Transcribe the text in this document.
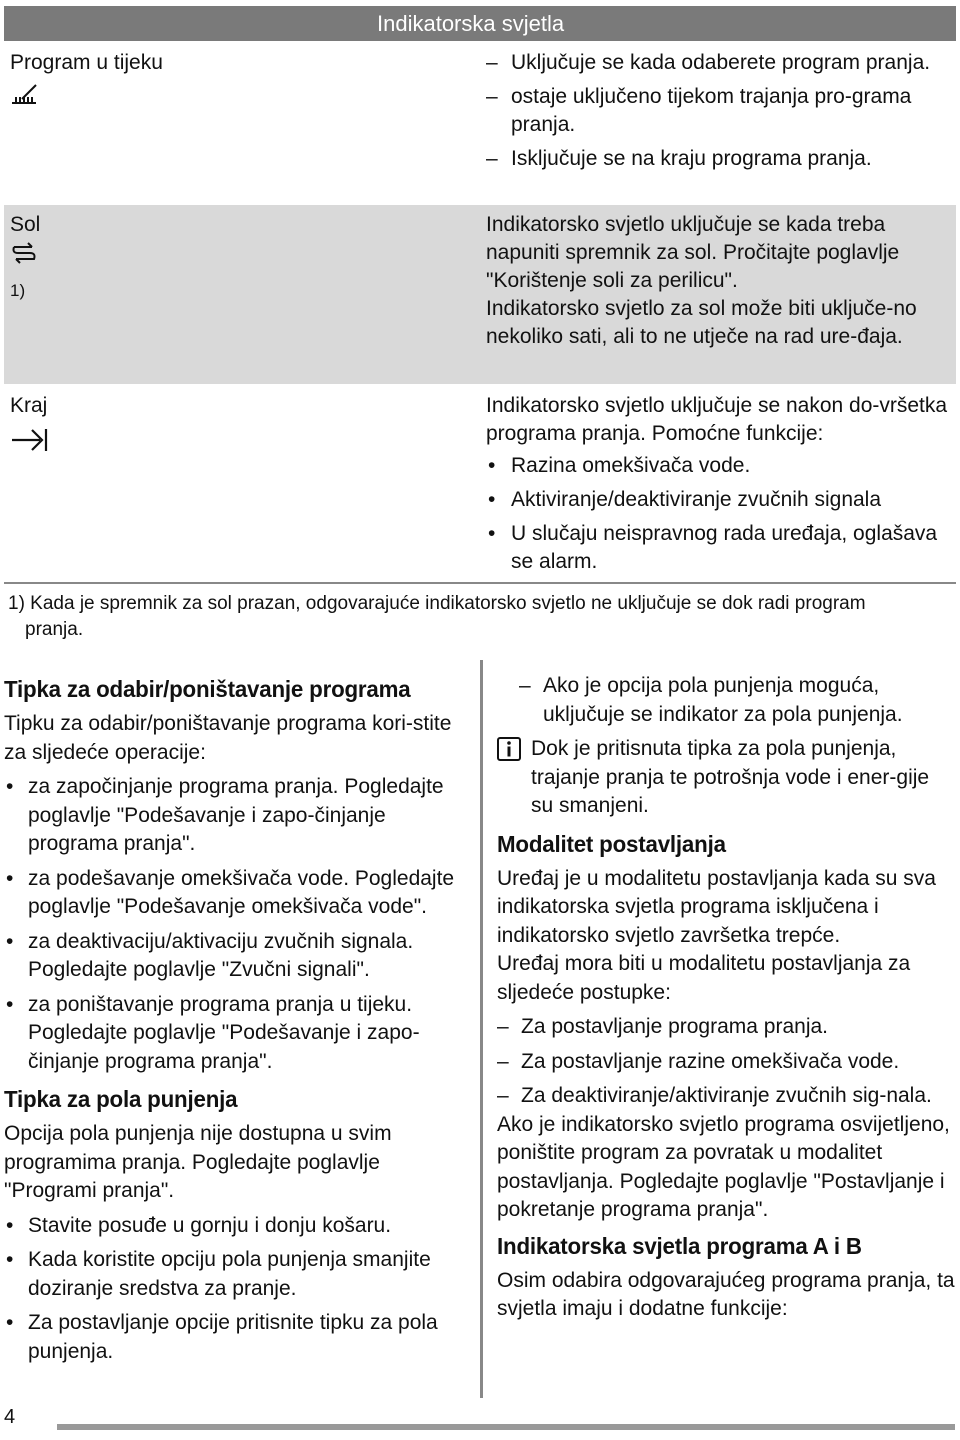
Indikatorska svjetla
Program u tijeku
–	Uključuje se kada odaberete program pranja.
– ostaje uključeno tijekom trajanja pro-grama pranja.
– Isključuje se na kraju programa pranja.
Sol
1)

Indikatorsko svjetlo uključuje se kada treba napuniti spremnik za sol. Pročitajte poglavlje "Korištenje soli za perilicu".

Indikatorsko svjetlo za sol može biti uključe-no nekoliko sati, ali to ne utječe na rad ure-đaja.

Kraj	Indikatorsko svjetlo uključuje se nakon do-vršetka programa pranja. Pomoćne funkcije:

• Razina omekšivača vode.
• Aktiviranje/deaktiviranje zvučnih signala
• U slučaju neispravnog rada uređaja, oglašava se alarm.
1) Kada je spremnik za sol prazan, odgovarajuće indikatorsko svjetlo ne uključuje se dok radi program
pranja.
Tipka za odabir/poništavanje programa

Tipku za odabir/poništavanje programa kori-stite za sljedeće operacije:

• za započinjanje programa pranja. Pogledajte poglavlje "Podešavanje i zapo-činjanje programa pranja".
• za podešavanje omekšivača vode. Pogledajte poglavlje "Podešavanje omekšivača vode".
• za deaktivaciju/aktivaciju zvučnih signala. Pogledajte poglavlje "Zvučni signali".
• za poništavanje programa pranja u tijeku. Pogledajte poglavlje "Podešavanje i zapo-činjanje programa pranja".
Tipka za pola punjenja

Opcija pola punjenja nije dostupna u svim programima pranja. Pogledajte poglavlje "Programi pranja".

• Stavite posuđe u gornju i donju košaru.
• Kada koristite opciju pola punjenja smanjite doziranje sredstva za pranje.
• Za postavljanje opcije pritisnite tipku za pola punjenja.
– Ako je opcija pola punjenja moguća, uključuje se indikator za pola punjenja.
Dok je pritisnuta tipka za pola punjenja, trajanje pranja te potrošnja vode i ener-gije su smanjeni.
Modalitet postavljanja

Uređaj je u modalitetu postavljanja kada su sva indikatorska svjetla programa isključena i indikatorsko svjetlo završetka trepće.

Uređaj mora biti u modalitetu postavljanja za sljedeće postupke:

– Za postavljanje programa pranja.
– Za postavljanje razine omekšivača vode.
– Za deaktiviranje/aktiviranje zvučnih sig-nala.

Ako je indikatorsko svjetlo programa osvijetljeno, poništite program za povratak u modalitet postavljanja. Pogledajte poglavlje "Postavljanje i pokretanje programa pranja".

Indikatorska svjetla programa A i B

Osim odabira odgovarajućeg programa pranja, ta svjetla imaju i dodatne funkcije:

4
